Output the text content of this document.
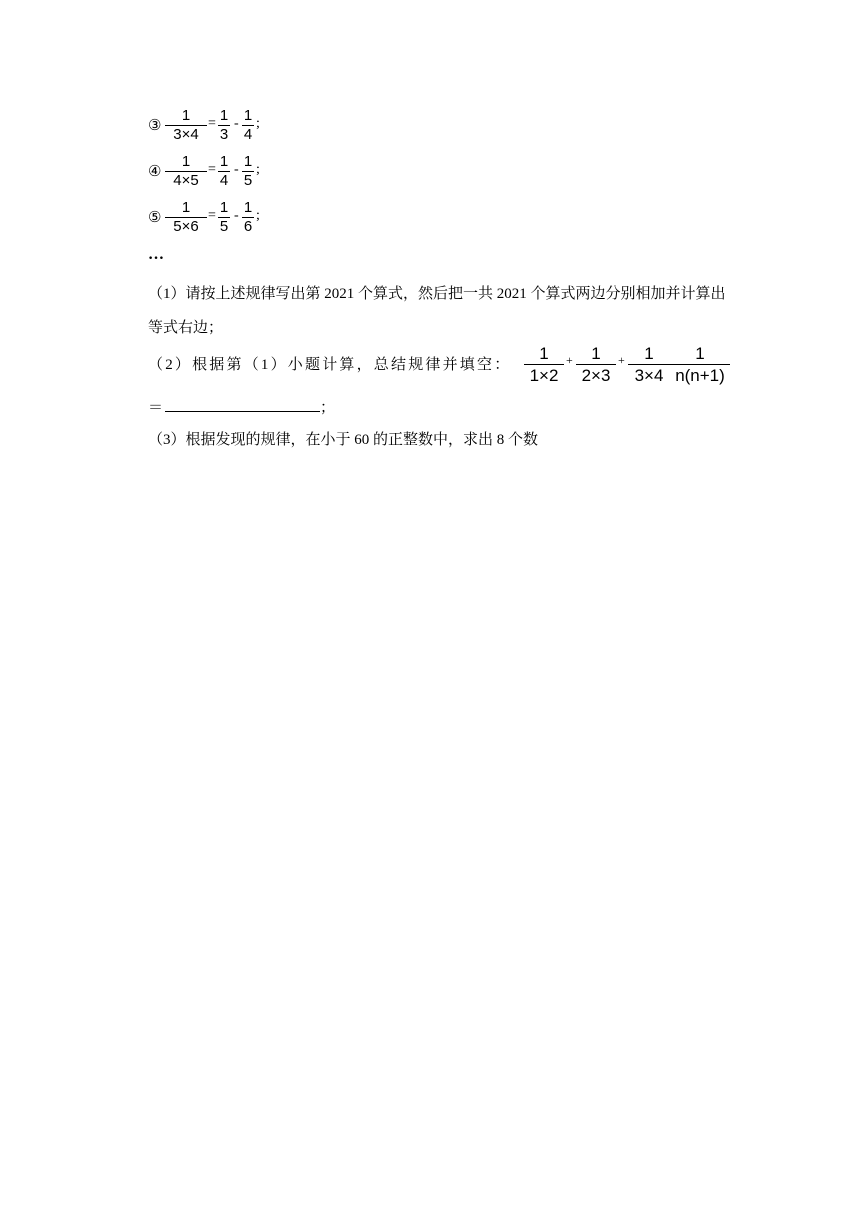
③ $\frac{1}{3\times 4} = \frac{1}{3} - \frac{1}{4}$ ;
④ $\frac{1}{4\times 5} = \frac{1}{4} - \frac{1}{5}$ ;
⑤ $\frac{1}{5\times 6} = \frac{1}{5} - \frac{1}{6}$ ;
…
（1）请按上述规律写出第 2021 个算式，然后把一共 2021 个算式两边分别相加并计算出
等式右边；
（2）根据第（1）小题计算，总结规律并填空： $\frac{1}{1\times 2} + \frac{1}{2\times 3} + \frac{1}{3\times 4} \frac{1}{n(n+1)}$
＝	；
（3）根据发现的规律，在小于 60 的正整数中，求出 8 个数
